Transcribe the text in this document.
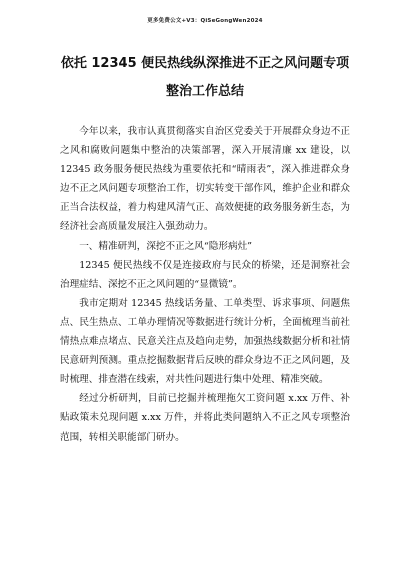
更多免费公文+V3：QiSeGongWen2024
依托 12345 便民热线纵深推进不正之风问题专项整治工作总结

今年以来，我市认真贯彻落实自治区党委关于开展群众身边不正之风和腐败问题集中整治的决策部署，深入开展清廉 xx 建设，以 12345 政务服务便民热线为重要依托和“晴雨表”，深入推进群众身边不正之风问题专项整治工作，切实转变干部作风，维护企业和群众正当合法权益，着力构建风清气正、高效便捷的政务服务新生态，为经济社会高质量发展注入强劲动力。

一、精准研判，深挖不正之风“隐形病灶”

12345 便民热线不仅是连接政府与民众的桥梁，还是洞察社会治理症结、深挖不正之风问题的“显微镜”。

我市定期对 12345 热线话务量、工单类型、诉求事项、问题焦点、民生热点、工单办理情况等数据进行统计分析，全面梳理当前社情热点难点堵点、民意关注点及趋向走势，加强热线数据分析和社情民意研判预测。重点挖掘数据背后反映的群众身边不正之风问题，及时梳理、排查潜在线索，对共性问题进行集中处理、精准突破。

经过分析研判，目前已挖掘并梳理拖欠工资问题 x.xx 万件、补贴政策未兑现问题 x.xx 万件，并将此类问题纳入不正之风专项整治范围，转相关职能部门研办。
